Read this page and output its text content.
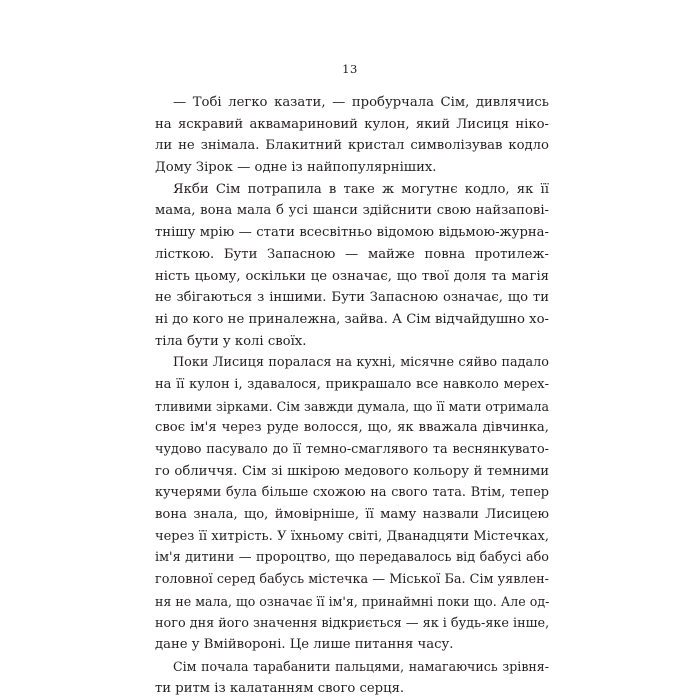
13
— Тобі легко казати, — пробурчала Сім, дивлячись
на яскравий аквамариновий кулон, який Лисиця ніко-
ли не знімала. Блакитний кристал символізував кодло
Дому Зірок — одне із найпопулярніших.
Якби Сім потрапила в таке ж могутнє кодло, як її
мама, вона мала б усі шанси здійснити свою найзапові-
тнішу мрію — стати всесвітньо відомою відьмою-журна-
лісткою. Бути Запасною — майже повна протилеж-
ність цьому, оскільки це означає, що твої доля та магія
не збігаються з іншими. Бути Запасною означає, що ти
ні до кого не приналежна, зайва. А Сім відчайдушно хо-
тіла бути у колі своїх.
Поки Лисиця поралася на кухні, місячне сяйво падало
на її кулон і, здавалося, прикрашало все навколо мерех-
тливими зірками. Сім завжди думала, що її мати отримала
своє ім'я через руде волосся, що, як вважала дівчинка,
чудово пасувало до її темно-смаглявого та веснянкувато-
го обличчя. Сім зі шкірою медового кольору й темними
кучерями була більше схожою на свого тата. Втім, тепер
вона знала, що, ймовірніше, її маму назвали Лисицею
через її хитрість. У їхньому світі, Дванадцяти Містечках,
ім'я дитини — пророцтво, що передавалось від бабусі або
головної серед бабусь містечка — Міської Ба. Сім уявлен-
ня не мала, що означає її ім'я, принаймні поки що. Але од-
ного дня його значення відкриється — як і будь-яке інше,
дане у Вмійвороні. Це лише питання часу.
Сім почала тарабанити пальцями, намагаючись зрівня-
ти ритм із калатанням свого серця.
